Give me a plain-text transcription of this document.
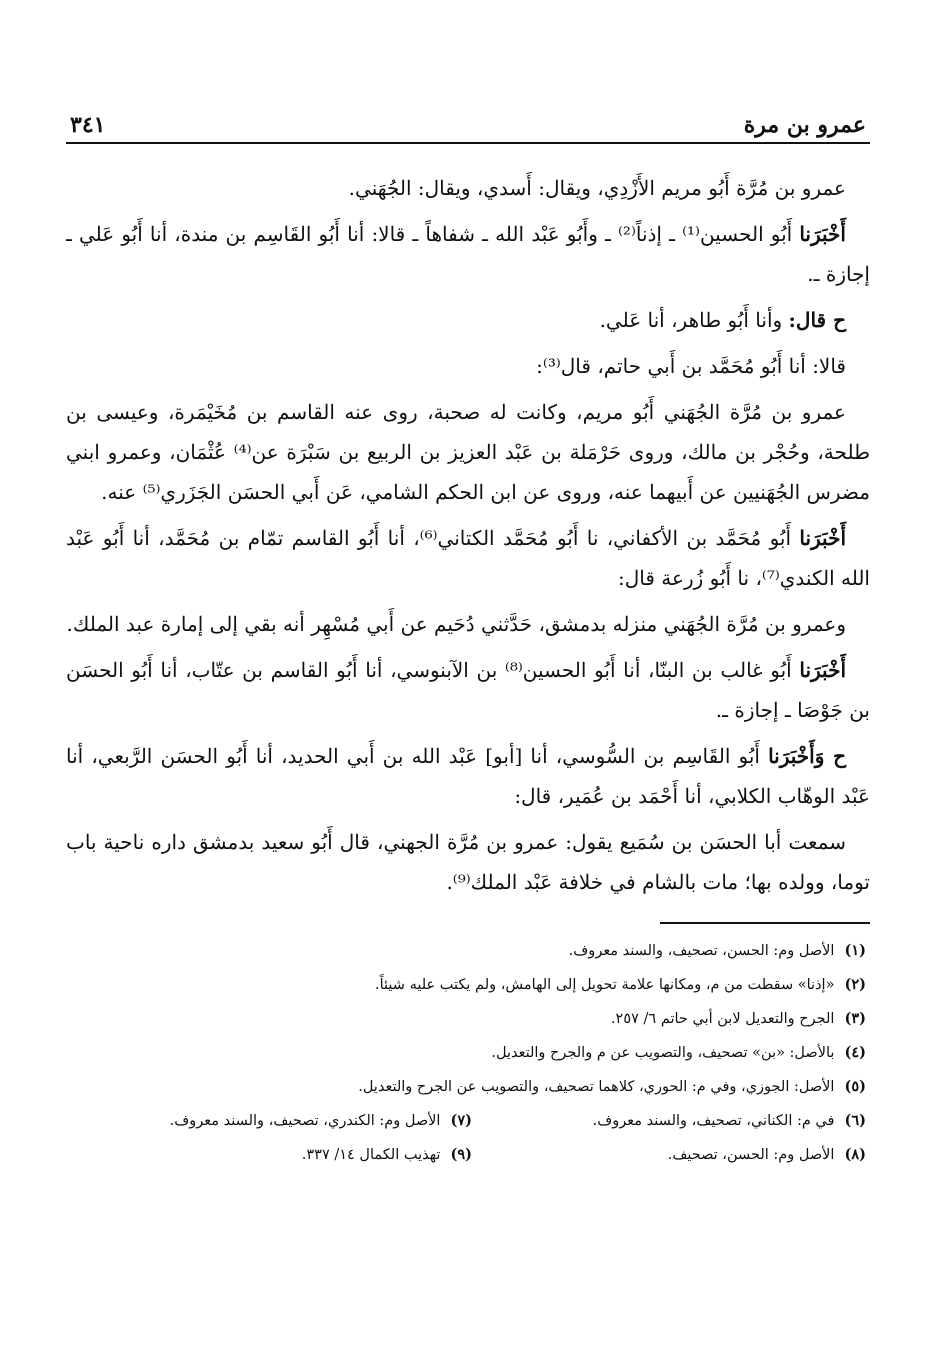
عمرو بن مرة
٣٤١

عمرو بن مُرَّة أَبُو مريم الأَزْدِي، ويقال: أَسدي، ويقال: الجُهَني.

أَخْبَرَنا أَبُو الحسين⁽¹⁾ ـ إذناً⁽²⁾ ـ وأَبُو عَبْد الله ـ شفاهاً ـ قالا: أنا أَبُو القَاسِم بن مندة، أنا أَبُو عَلي ـ إجازة ـ.

ح قال: وأنا أَبُو طاهر، أنا عَلي.

قالا: أنا أَبُو مُحَمَّد بن أَبي حاتم، قال⁽³⁾:

عمرو بن مُرَّة الجُهَني أَبُو مريم، وكانت له صحبة، روى عنه القاسم بن مُخَيْمَرة، وعيسى بن طلحة، وحُجْر بن مالك، وروى حَرْمَلة بن عَبْد العزيز بن الربيع بن سَبْرَة عن⁽⁴⁾ عُثْمَان، وعمرو ابني مضرس الجُهَنيين عن أَبيهما عنه، وروى عن ابن الحكم الشامي، عَن أَبي الحسَن الجَزَري⁽⁵⁾ عنه.

أَخْبَرَنا أَبُو مُحَمَّد بن الأكفاني، نا أَبُو مُحَمَّد الكتاني⁽⁶⁾، أنا أَبُو القاسم تمّام بن مُحَمَّد، أنا أَبُو عَبْد الله الكندي⁽⁷⁾، نا أَبُو زُرعة قال:

وعمرو بن مُرَّة الجُهَني منزله بدمشق، حَدَّثني دُحَيم عن أَبي مُسْهِر أنه بقي إلى إمارة عبد الملك.

أَخْبَرَنا أَبُو غالب بن البنّا، أنا أَبُو الحسين⁽⁸⁾ بن الآبنوسي، أنا أَبُو القاسم بن عتّاب، أنا أَبُو الحسَن بن جَوْصَا ـ إجازة ـ.

ح وَأَخْبَرَنا أَبُو القَاسِم بن السُّوسي، أنا [أبو] عَبْد الله بن أَبي الحديد، أنا أَبُو الحسَن الرَّبعي، أنا عَبْد الوهّاب الكلابي، أنا أَحْمَد بن عُمَير، قال:

سمعت أبا الحسَن بن سُمَيع يقول: عمرو بن مُرَّة الجهني، قال أَبُو سعيد بدمشق داره ناحية باب توما، وولده بها؛ مات بالشام في خلافة عَبْد الملك⁽⁹⁾.

(١)الأصل وم: الحسن، تصحيف، والسند معروف.
(٢)«إذنا» سقطت من م، ومكانها علامة تحويل إلى الهامش، ولم يكتب عليه شيئاً.
(٣)الجرح والتعديل لابن أبي حاتم ٦/ ٢٥٧.
(٤)بالأصل: «بن» تصحيف، والتصويب عن م والجرح والتعديل.
(٥)الأصل: الجوزي، وفي م: الحوري، كلاهما تصحيف، والتصويب عن الجرح والتعديل.
(٦)في م: الكناني، تصحيف، والسند معروف.
(٧)الأصل وم: الكندري، تصحيف، والسند معروف.
(٨)الأصل وم: الحسن، تصحيف.
(٩)تهذيب الكمال ١٤/ ٣٣٧.
